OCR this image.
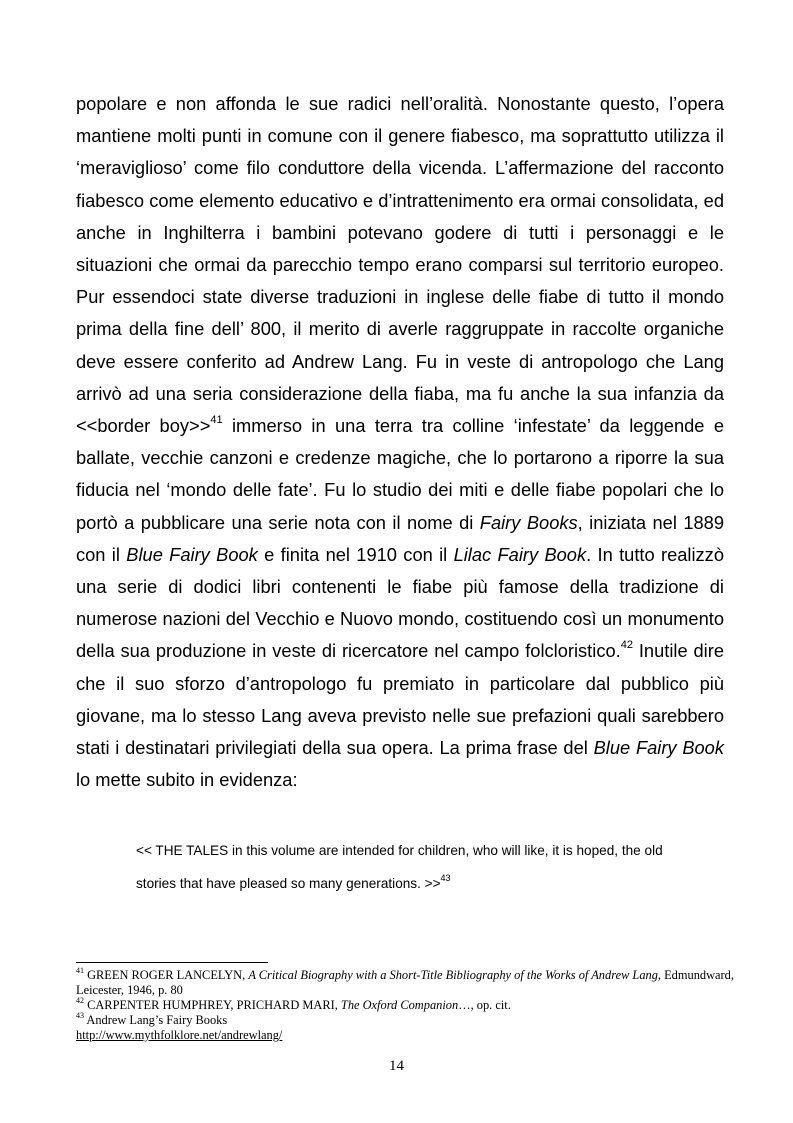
popolare e non affonda le sue radici nell’oralità. Nonostante questo, l’opera mantiene molti punti in comune con il genere fiabesco, ma soprattutto utilizza il ‘meraviglioso’ come filo conduttore della vicenda. L’affermazione del racconto fiabesco come elemento educativo e d’intrattenimento era ormai consolidata, ed anche in Inghilterra i bambini potevano godere di tutti i personaggi e le situazioni che ormai da parecchio tempo erano comparsi sul territorio europeo. Pur essendoci state diverse traduzioni in inglese delle fiabe di tutto il mondo prima della fine dell’ 800, il merito di averle raggruppate in raccolte organiche deve essere conferito ad Andrew Lang. Fu in veste di antropologo che Lang arrivò ad una seria considerazione della fiaba, ma fu anche la sua infanzia da <<border boy>>$^{41}$ immerso in una terra tra colline ‘infestate’ da leggende e ballate, vecchie canzoni e credenze magiche, che lo portarono a riporre la sua fiducia nel ‘mondo delle fate’. Fu lo studio dei miti e delle fiabe popolari che lo portò a pubblicare una serie nota con il nome di Fairy Books, iniziata nel 1889 con il Blue Fairy Book e finita nel 1910 con il Lilac Fairy Book. In tutto realizzò una serie di dodici libri contenenti le fiabe più famose della tradizione di numerose nazioni del Vecchio e Nuovo mondo, costituendo così un monumento della sua produzione in veste di ricercatore nel campo folcloristico.$^{42}$ Inutile dire che il suo sforzo d’antropologo fu premiato in particolare dal pubblico più giovane, ma lo stesso Lang aveva previsto nelle sue prefazioni quali sarebbero stati i destinatari privilegiati della sua opera. La prima frase del Blue Fairy Book lo mette subito in evidenza:

<< THE TALES in this volume are intended for children, who will like, it is hoped, the old stories that have pleased so many generations. >>$^{43}$

$^{41}$ GREEN ROGER LANCELYN, A Critical Biography with a Short-Title Bibliography of the Works of Andrew Lang, Edmundward, Leicester, 1946, p. 80

$^{42}$ CARPENTER HUMPHREY, PRICHARD MARI, The Oxford Companion…, op. cit.

$^{43}$ Andrew Lang’s Fairy Books
http://www.mythfolklore.net/andrewlang/

14
